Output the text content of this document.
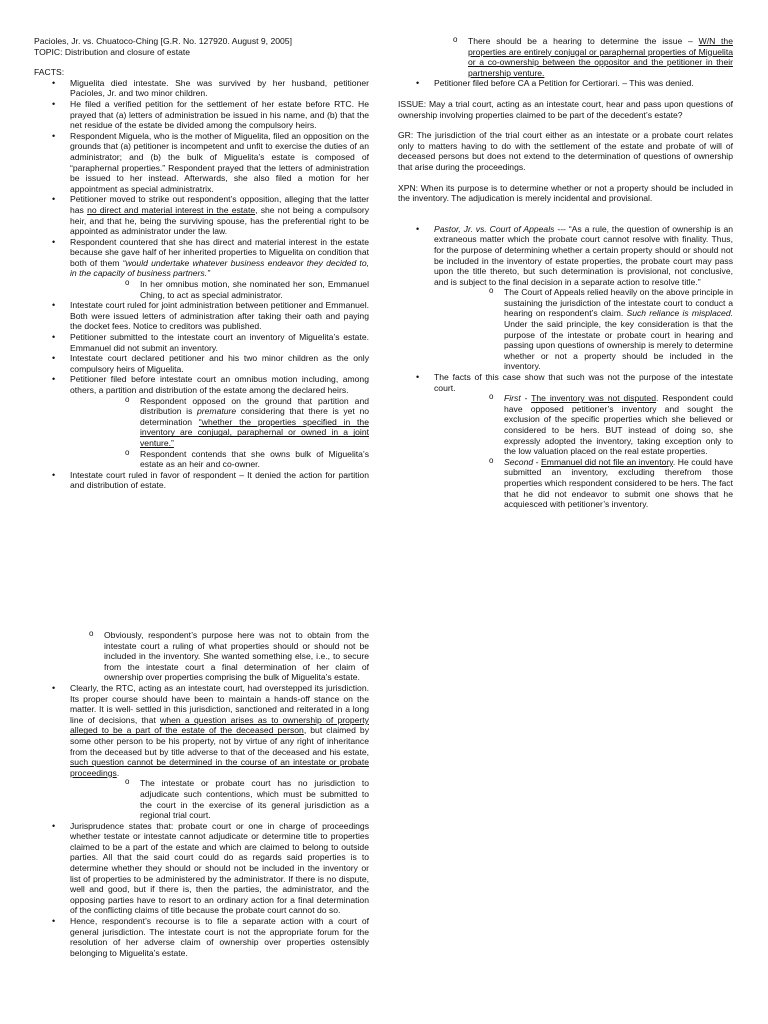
Pacioles, Jr. vs. Chuatoco-Ching [G.R. No. 127920. August 9, 2005]

TOPIC: Distribution and closure of estate

FACTS:

• Miguelita died intestate. She was survived by her husband, petitioner Pacioles, Jr. and two minor children.
• He filed a verified petition for the settlement of her estate before RTC. He prayed that (a) letters of administration be issued in his name, and (b) that the net residue of the estate be divided among the compulsory heirs.
• Respondent Miguela, who is the mother of Miguelita, filed an opposition on the grounds that (a) petitioner is incompetent and unfit to exercise the duties of an administrator; and (b) the bulk of Miguelita’s estate is composed of “paraphernal properties.” Respondent prayed that the letters of administration be issued to her instead. Afterwards, she also filed a motion for her appointment as special administratrix.
• Petitioner moved to strike out respondent’s opposition, alleging that the latter has no direct and material interest in the estate, she not being a compulsory heir, and that he, being the surviving spouse, has the preferential right to be appointed as administrator under the law.
• Respondent countered that she has direct and material interest in the estate because she gave half of her inherited properties to Miguelita on condition that both of them “would undertake whatever business endeavor they decided to, in the capacity of business partners.”
o In her omnibus motion, she nominated her son, Emmanuel Ching, to act as special administrator.
• Intestate court ruled for joint administration between petitioner and Emmanuel. Both were issued letters of administration after taking their oath and paying the docket fees. Notice to creditors was published.
• Petitioner submitted to the intestate court an inventory of Miguelita’s estate. Emmanuel did not submit an inventory.
• Intestate court declared petitioner and his two minor children as the only compulsory heirs of Miguelita.
• Petitioner filed before intestate court an omnibus motion including, among others, a partition and distribution of the estate among the declared heirs.
o Respondent opposed on the ground that partition and distribution is premature considering that there is yet no determination “whether the properties specified in the inventory are conjugal, paraphernal or owned in a joint venture.”
o Respondent contends that she owns bulk of Miguelita’s estate as an heir and co-owner.
• Intestate court ruled in favor of respondent – It denied the action for partition and distribution of estate.
o There should be a hearing to determine the issue – W/N the properties are entirely conjugal or paraphernal properties of Miguelita or a co-ownership between the oppositor and the petitioner in their partnership venture.
• Petitioner filed before CA a Petition for Certiorari. – This was denied.

ISSUE: May a trial court, acting as an intestate court, hear and pass upon questions of ownership involving properties claimed to be part of the decedent’s estate?

GR: The jurisdiction of the trial court either as an intestate or a probate court relates only to matters having to do with the settlement of the estate and probate of will of deceased persons but does not extend to the determination of questions of ownership that arise during the proceedings.

XPN: When its purpose is to determine whether or not a property should be included in the inventory. The adjudication is merely incidental and provisional.

• Pastor, Jr. vs. Court of Appeals --- “As a rule, the question of ownership is an extraneous matter which the probate court cannot resolve with finality. Thus, for the purpose of determining whether a certain property should or should not be included in the inventory of estate properties, the probate court may pass upon the title thereto, but such determination is provisional, not conclusive, and is subject to the final decision in a separate action to resolve title.”
o The Court of Appeals relied heavily on the above principle in sustaining the jurisdiction of the intestate court to conduct a hearing on respondent’s claim. Such reliance is misplaced. Under the said principle, the key consideration is that the purpose of the intestate or probate court in hearing and passing upon questions of ownership is merely to determine whether or not a property should be included in the inventory.
• The facts of this case show that such was not the purpose of the intestate court.
o First - The inventory was not disputed. Respondent could have opposed petitioner’s inventory and sought the exclusion of the specific properties which she believed or considered to be hers. BUT instead of doing so, she expressly adopted the inventory, taking exception only to the low valuation placed on the real estate properties.
o Second - Emmanuel did not file an inventory. He could have submitted an inventory, excluding therefrom those properties which respondent considered to be hers. The fact that he did not endeavor to submit one shows that he acquiesced with petitioner’s inventory.
o Obviously, respondent’s purpose here was not to obtain from the intestate court a ruling of what properties should or should not be included in the inventory. She wanted something else, i.e., to secure from the intestate court a final determination of her claim of ownership over properties comprising the bulk of Miguelita’s estate.
• Clearly, the RTC, acting as an intestate court, had overstepped its jurisdiction. Its proper course should have been to maintain a hands-off stance on the matter. It is well- settled in this jurisdiction, sanctioned and reiterated in a long line of decisions, that when a question arises as to ownership of property alleged to be a part of the estate of the deceased person, but claimed by some other person to be his property, not by virtue of any right of inheritance from the deceased but by title adverse to that of the deceased and his estate, such question cannot be determined in the course of an intestate or probate proceedings.
o The intestate or probate court has no jurisdiction to adjudicate such contentions, which must be submitted to the court in the exercise of its general jurisdiction as a regional trial court.
• Jurisprudence states that: probate court or one in charge of proceedings whether testate or intestate cannot adjudicate or determine title to properties claimed to be a part of the estate and which are claimed to belong to outside parties. All that the said court could do as regards said properties is to determine whether they should or should not be included in the inventory or list of properties to be administered by the administrator. If there is no dispute, well and good, but if there is, then the parties, the administrator, and the opposing parties have to resort to an ordinary action for a final determination of the conflicting claims of title because the probate court cannot do so.
• Hence, respondent’s recourse is to file a separate action with a court of general jurisdiction. The intestate court is not the appropriate forum for the resolution of her adverse claim of ownership over properties ostensibly belonging to Miguelita’s estate.
